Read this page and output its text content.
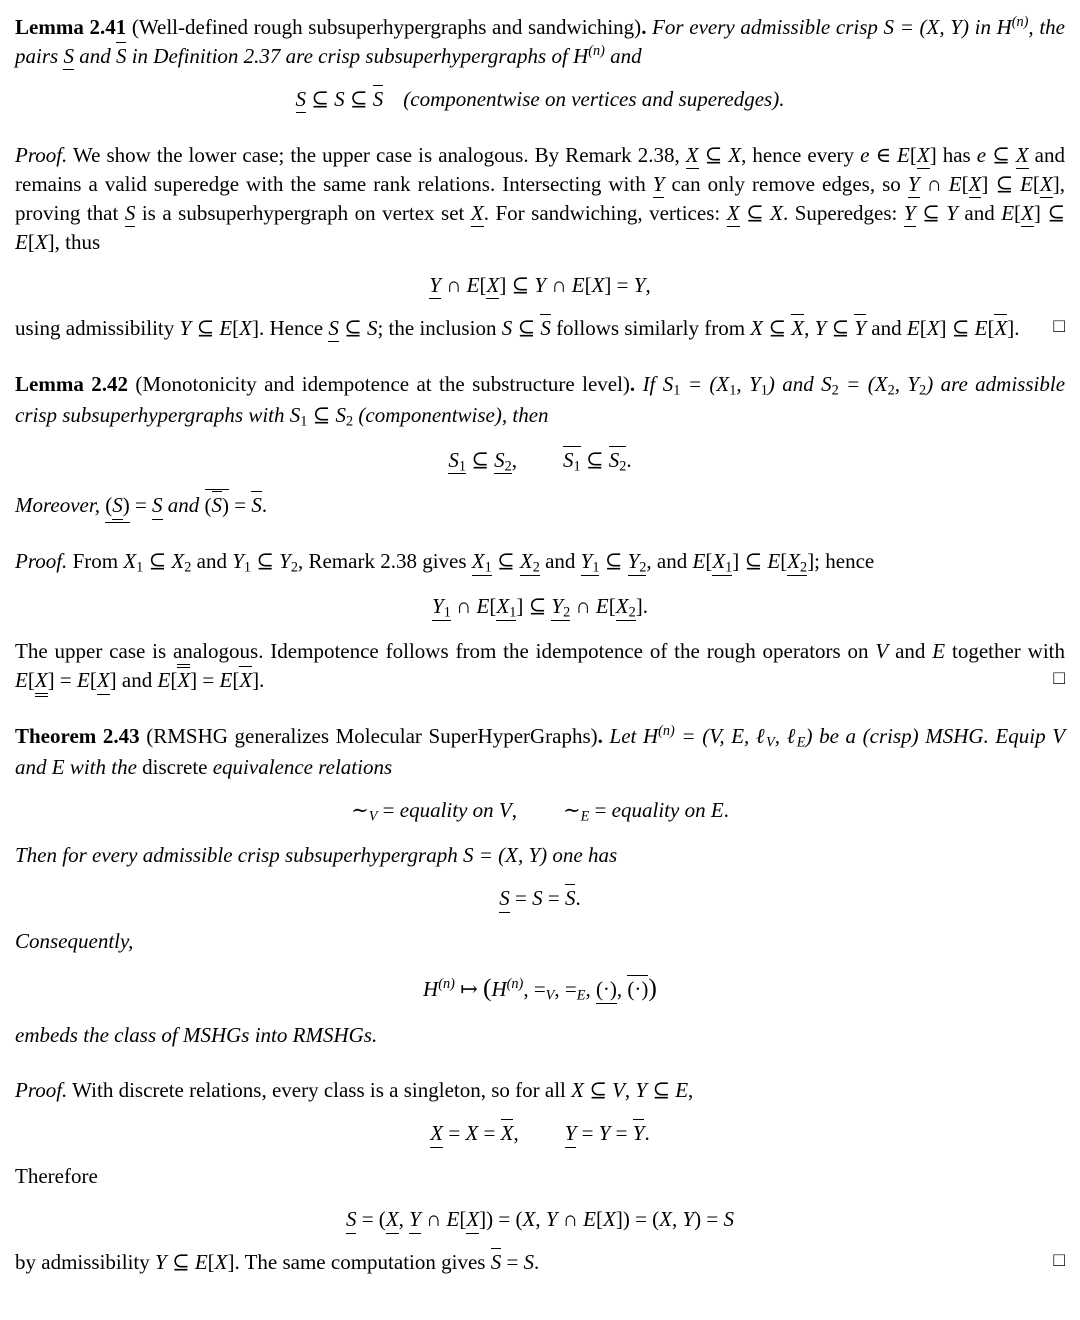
Lemma 2.41 (Well-defined rough subsuperhypergraphs and sandwiching). For every admissible crisp S = (X, Y) in $H^{(n)}$, the pairs S and S in Definition 2.37 are crisp subsuperhypergraphs of $H^{(n)}$ and
S ⊆ S ⊆ S (componentwise on vertices and superedges).
Proof. We show the lower case; the upper case is analogous. By Remark 2.38, X ⊆ X, hence every e ∈ E[X] has e ⊆ X and remains a valid superedge with the same rank relations. Intersecting with Y can only remove edges, so Y ∩ E[X] ⊆ E[X], proving that S is a subsuperhypergraph on vertex set X. For sandwiching, vertices: X ⊆ X. Superedges: Y ⊆ Y and E[X] ⊆ E[X], thus
Y ∩ E[X] ⊆ Y ∩ E[X] = Y,
using admissibility Y ⊆ E[X]. Hence S ⊆ S; the inclusion S ⊆ S follows similarly from X ⊆ X, Y ⊆ Y and E[X] ⊆ E[X]. □
Lemma 2.42 (Monotonicity and idempotence at the substructure level). If S1 = (X1, Y1) and S2 = (X2, Y2) are admissible crisp subsuperhypergraphs with S1 ⊆ S2 (componentwise), then
S1 ⊆ S2, S1 ⊆ S2.
Moreover, (S) = S and (S) = S.
Proof. From X1 ⊆ X2 and Y1 ⊆ Y2, Remark 2.38 gives X1 ⊆ X2 and Y1 ⊆ Y2, and E[X1] ⊆ E[X2]; hence
Y1 ∩ E[X1] ⊆ Y2 ∩ E[X2].
The upper case is analogous. Idempotence follows from the idempotence of the rough operators on V and E together with E[X] = E[X] and E[X] = E[X].	□
Theorem 2.43 (RMSHG generalizes Molecular SuperHyperGraphs). Let $H^{(n)} = (V$, E, ℓV, ℓE) be a (crisp) MSHG. Equip V and E with the discrete equivalence relations
∼V = equality on V, ∼E = equality on E.
Then for every admissible crisp subsuperhypergraph S = (X, Y) one has
S = S = S.
Consequently,
$H^{(n)}$ ↦ ($H^{(n)}$, =V, =E, (·), (·))
embeds the class of MSHGs into RMSHGs.
Proof. With discrete relations, every class is a singleton, so for all X ⊆ V, Y ⊆ E,
X = X = X, Y = Y = Y.
Therefore
S = (X, Y ∩ E[X]) = (X, Y ∩ E[X]) = (X, Y) = S
by admissibility Y ⊆ E[X]. The same computation gives S = S.	□
